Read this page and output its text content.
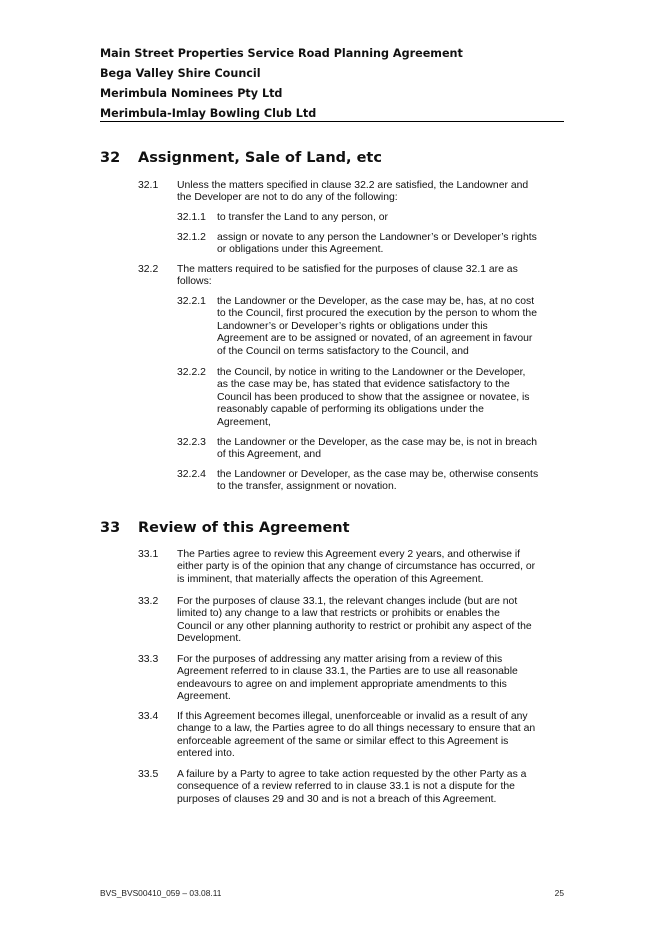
Main Street Properties Service Road Planning Agreement
Bega Valley Shire Council
Merimbula Nominees Pty Ltd
Merimbula-Imlay Bowling Club Ltd
32 Assignment, Sale of Land, etc
32.1 Unless the matters specified in clause 32.2 are satisfied, the Landowner and
the Developer are not to do any of the following:
32.1.1 to transfer the Land to any person, or
32.1.2 assign or novate to any person the Landowner’s or Developer’s rights
or obligations under this Agreement.
32.2 The matters required to be satisfied for the purposes of clause 32.1 are as
follows:
32.2.1 the Landowner or the Developer, as the case may be, has, at no cost
to the Council, first procured the execution by the person to whom the
Landowner’s or Developer’s rights or obligations under this
Agreement are to be assigned or novated, of an agreement in favour
of the Council on terms satisfactory to the Council, and
32.2.2 the Council, by notice in writing to the Landowner or the Developer,
as the case may be, has stated that evidence satisfactory to the
Council has been produced to show that the assignee or novatee, is
reasonably capable of performing its obligations under the
Agreement,
32.2.3 the Landowner or the Developer, as the case may be, is not in breach
of this Agreement, and
32.2.4 the Landowner or Developer, as the case may be, otherwise consents
to the transfer, assignment or novation.
33 Review of this Agreement
33.1 The Parties agree to review this Agreement every 2 years, and otherwise if
either party is of the opinion that any change of circumstance has occurred, or
is imminent, that materially affects the operation of this Agreement.
33.2 For the purposes of clause 33.1, the relevant changes include (but are not
limited to) any change to a law that restricts or prohibits or enables the
Council or any other planning authority to restrict or prohibit any aspect of the
Development.
33.3 For the purposes of addressing any matter arising from a review of this
Agreement referred to in clause 33.1, the Parties are to use all reasonable
endeavours to agree on and implement appropriate amendments to this
Agreement.
33.4 If this Agreement becomes illegal, unenforceable or invalid as a result of any
change to a law, the Parties agree to do all things necessary to ensure that an
enforceable agreement of the same or similar effect to this Agreement is
entered into.
33.5 A failure by a Party to agree to take action requested by the other Party as a
consequence of a review referred to in clause 33.1 is not a dispute for the
purposes of clauses 29 and 30 and is not a breach of this Agreement.
BVS_BVS00410_059 – 03.08.11	25
